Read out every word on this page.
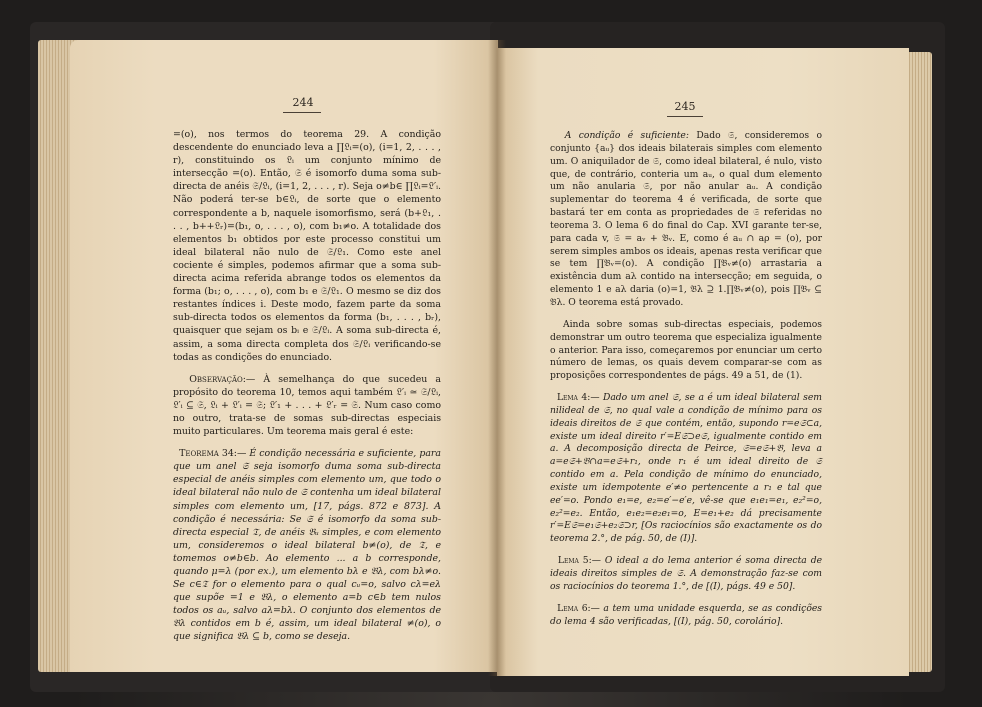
244	245

=(o), nos termos do teorema 29. A condição descendente do enunciado leva a ∏𝔏ᵢ=(o), (i=1, 2, . . . , r), constituindo os 𝔏ᵢ um conjunto mínimo de intersecção =(o). Então, 𝔖 é isomorfo duma soma sub-directa de anéis 𝔖/𝔏ᵢ, (i=1, 2, . . . , r). Seja o≠b∈ ∏𝔏ᵢ=𝔏′ᵢ. Não poderá ter-se b∈𝔏ᵢ, de sorte que o elemento correspondente a b, naquele isomorfismo, será (b+𝔏₁, . . . , b++𝔏ᵣ)=(b₁, o, . . . , o), com b₁≠o. A totalidade dos elementos b₁ obtidos por este processo constitui um ideal bilateral não nulo de 𝔖/𝔏₁. Como este anel cociente é simples, podemos afirmar que a soma sub-directa acima referida abrange todos os elementos da forma (b₁; o, . . . , o), com b₁ e 𝔖/𝔏₁. O mesmo se diz dos restantes índices i. Deste modo, fazem parte da soma sub-directa todos os elementos da forma (b₁, . . . , bᵣ), quaisquer que sejam os bᵢ e 𝔖/𝔏ᵢ. A soma sub-directa é, assim, a soma directa completa dos 𝔖/𝔏ᵢ verificando-se todas as condições do enunciado.

Observação:— À semelhança do que sucedeu a propósito do teorema 10, temos aqui também 𝔏′ᵢ ≃ 𝔖/𝔏ᵢ, 𝔏′ᵢ ⊆ 𝔖, 𝔏ᵢ + 𝔏′ᵢ = 𝔖; 𝔏′₁ + . . . + 𝔏′ᵣ = 𝔖. Num caso como no outro, trata-se de somas sub-directas especiais muito particulares. Um teorema mais geral é este:

Teorema 34:— É condição necessária e suficiente, para que um anel 𝔖 seja isomorfo duma soma sub-directa especial de anéis simples com elemento um, que todo o ideal bilateral não nulo de 𝔖 contenha um ideal bilateral simples com elemento um, [17, págs. 872 e 873]. A condição é necessária: Se 𝔖 é isomorfo da soma sub-directa especial 𝔗, de anéis 𝔅ᵤ simples, e com elemento um, consideremos o ideal bilateral b≠(o), de 𝔗, e tomemos o≠b∈b. Ao elemento ... a b corresponde, quando μ=λ (por ex.), um elemento bλ e 𝔅λ, com bλ≠o. Se c∈𝔗 for o elemento para o qual cᵤ=o, salvo cλ=eλ que supõe =1 e 𝔅λ, o elemento a=b c∈b tem nulos todos os aᵤ, salvo aλ=bλ. O conjunto dos elementos de 𝔅λ contidos em b é, assim, um ideal bilateral ≠(o), o que significa 𝔅λ ⊆ b, como se deseja.

A condição é suficiente: Dado 𝔖, consideremos o conjunto {aᵤ} dos ideais bilaterais simples com elemento um. O aniquilador de 𝔖, como ideal bilateral, é nulo, visto que, de contrário, conteria um aᵤ, o qual dum elemento um não anularia 𝔖, por não anular aᵤ. A condição suplementar do teorema 4 é verificada, de sorte que bastará ter em conta as propriedades de 𝔖 referidas no teorema 3. O lema 6 do final do Cap. XVI garante ter-se, para cada v, 𝔖 = aᵥ + 𝔅ᵥ. E, como é aᵤ ∩ aρ = (o), por serem simples ambos os ideais, apenas resta verificar que se tem ∏𝔅ᵥ=(o). A condição ∏𝔅ᵥ≠(o) arrastaria a existência dum aλ contido na intersecção; em seguida, o elemento 1 e aλ daria (o)=1, 𝔅λ ⊇ 1.∏𝔅ᵥ≠(o), pois ∏𝔅ᵥ ⊆ 𝔅λ. O teorema está provado.

Ainda sobre somas sub-directas especiais, podemos demonstrar um outro teorema que especializa igualmente o anterior. Para isso, começaremos por enunciar um certo número de lemas, os quais devem comparar-se com as proposições correspondentes de págs. 49 a 51, de (1).

Lema 4:— Dado um anel 𝔖, se a é um ideal bilateral sem nilideal de 𝔖, no qual vale a condição de mínimo para os ideais direitos de 𝔖 que contém, então, supondo r=e𝔖⊂a, existe um ideal direito r′=E𝔖⊃e𝔖, igualmente contido em a. A decomposição directa de Peirce, 𝔖=e𝔖+𝔅, leva a a=e𝔖+𝔅∩a=e𝔖+r₁, onde r₁ é um ideal direito de 𝔖 contido em a. Pela condição de mínimo do enunciado, existe um idempotente e′≠o pertencente a r₁ e tal que ee′=o. Pondo e₁=e, e₂=e′−e′e, vê-se que e₁e₁=e₁, e₂²=o, e₂²=e₂. Então, e₁e₂=e₂e₁=o, E=e₁+e₂ dá precisamente r′=E𝔖=e₁𝔖+e₂𝔖⊃r, [Os raciocínios são exactamente os do teorema 2.°, de pág. 50, de (I)].

Lema 5:— O ideal a do lema anterior é soma directa de ideais direitos simples de 𝔖. A demonstração faz-se com os raciocínios do teorema 1.°, de [(I), págs. 49 e 50].

Lema 6:— a tem uma unidade esquerda, se as condições do lema 4 são verificadas, [(I), pág. 50, corolário].
